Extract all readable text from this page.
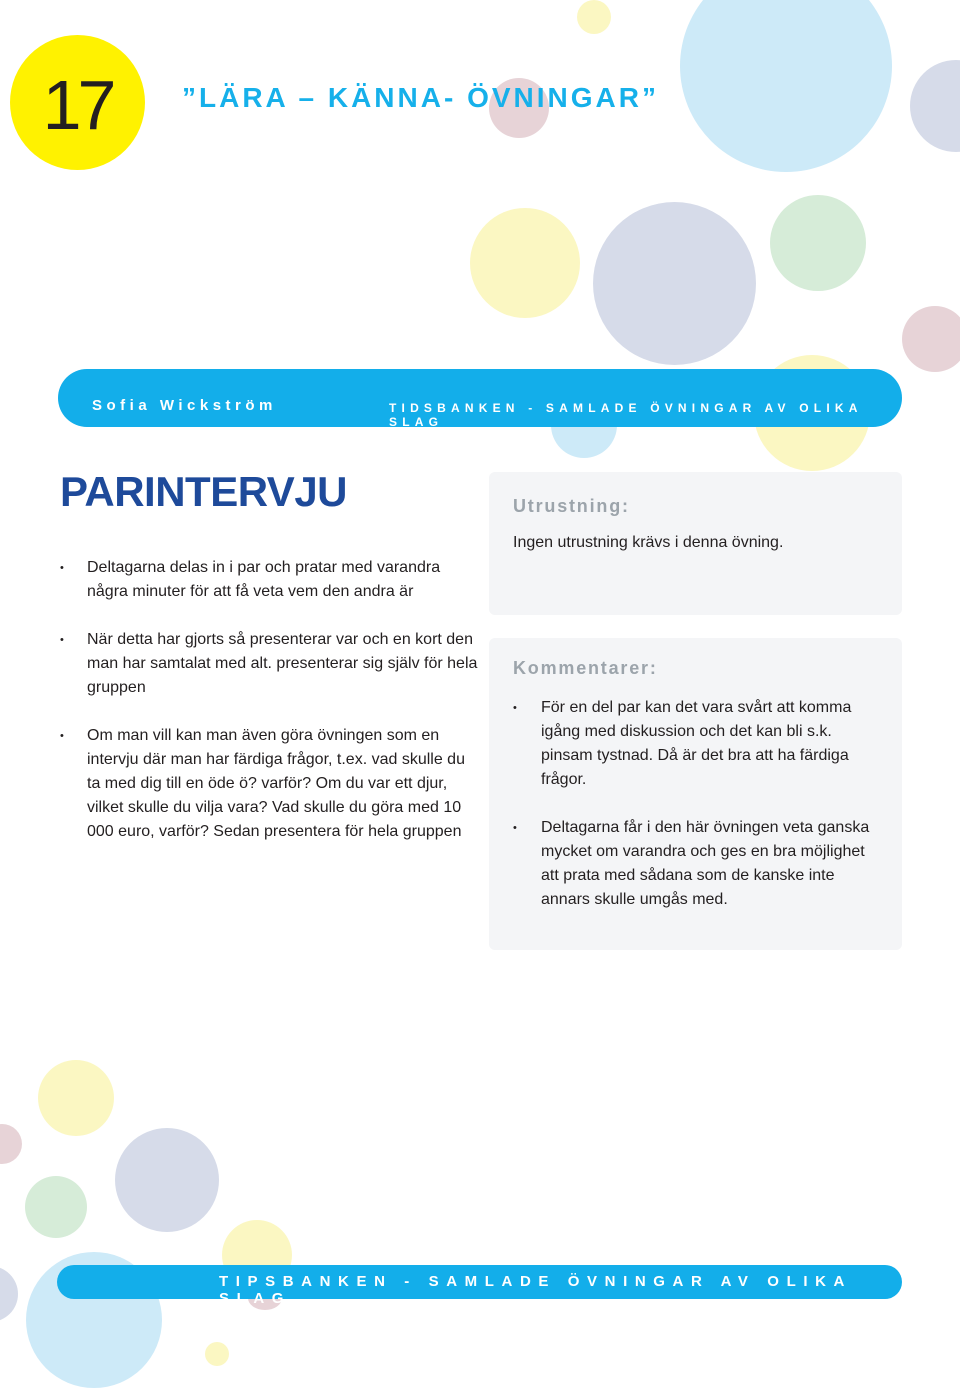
17 ”LÄRA – KÄNNA- ÖVNINGAR”
Sofia Wickström	TIDSBANKEN - SAMLADE ÖVNINGAR AV OLIKA SLAG
PARINTERVJU
• Deltagarna delas in i par och pratar med varandra några minuter för att få veta vem den andra är
• När detta har gjorts så presenterar var och en kort den man har samtalat med alt. presenterar sig själv för hela gruppen
• Om man vill kan man även göra övningen som en intervju där man har färdiga frågor, t.ex. vad skulle du ta med dig till en öde ö? varför? Om du var ett djur, vilket skulle du vilja vara? Vad skulle du göra med 10 000 euro, varför? Sedan presentera för hela gruppen
Utrustning:
Ingen utrustning krävs i denna övning.
Kommentarer:
• För en del par kan det vara svårt att komma igång med diskussion och det kan bli s.k. pinsam tystnad. Då är det bra att ha färdiga frågor.
• Deltagarna får i den här övningen veta ganska mycket om varandra och ges en bra möjlighet att prata med sådana som de kanske inte annars skulle umgås med.
TIPSBANKEN - SAMLADE ÖVNINGAR AV OLIKA SLAG
